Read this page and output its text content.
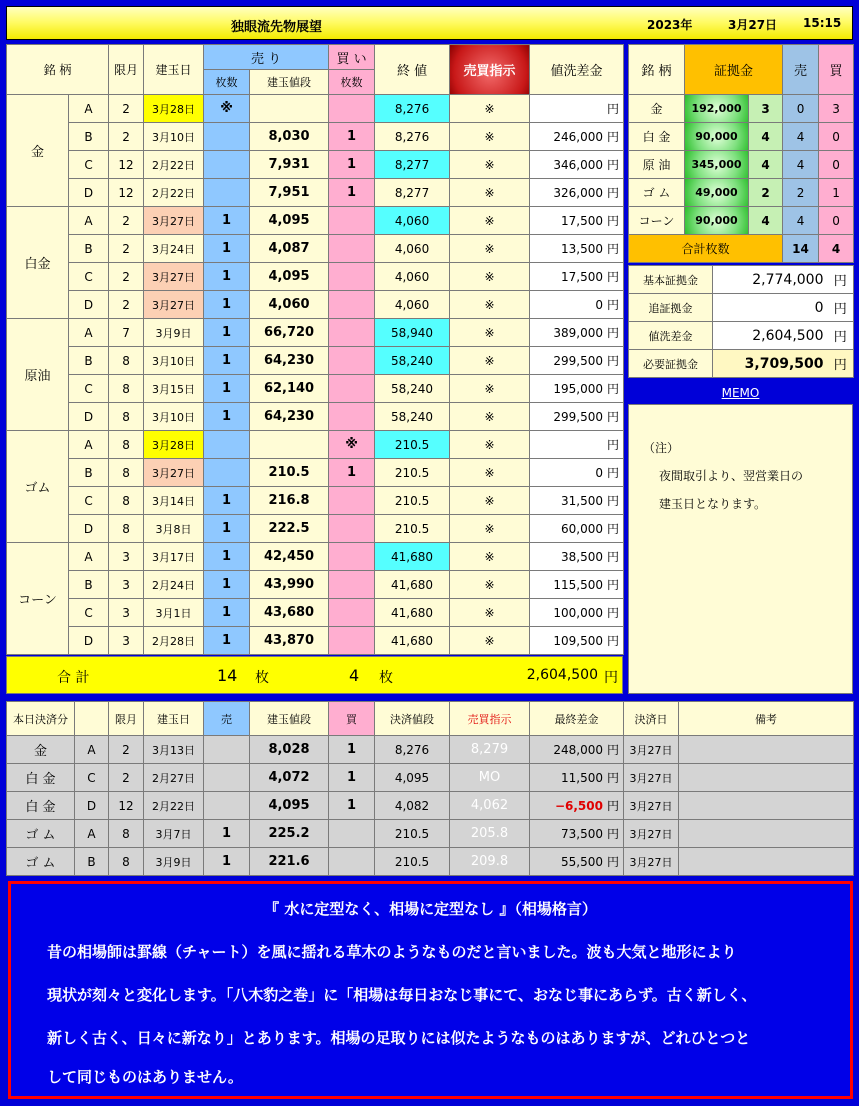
独眼流先物展望	2023年	3月27日 15:15
銘 柄		限月	建玉日	売 り		買 い	終 値	売買指示	値洗差金
				枚数	建玉値段	枚数			
金	A	2	3月28日	※			8,276	※	円
	B	2	3月10日		8,030	1	8,276	※	246,000 円
	C	12	2月22日		7,931	1	8,277	※	346,000 円
	D	12	2月22日		7,951	1	8,277	※	326,000 円
白金	A	2	3月27日	1	4,095		4,060	※	17,500 円
	B	2	3月24日	1	4,087		4,060	※	13,500 円
	C	2	3月27日	1	4,095		4,060	※	17,500 円
	D	2	3月27日	1	4,060		4,060	※	0 円
原油	A	7	3月9日	1	66,720		58,940	※	389,000 円
	B	8	3月10日	1	64,230		58,240	※	299,500 円
	C	8	3月15日	1	62,140		58,240	※	195,000 円
	D	8	3月10日	1	64,230		58,240	※	299,500 円
ゴム	A	8	3月28日			※	210.5	※	円
	B	8	3月27日		210.5	1	210.5	※	0 円
	C	8	3月14日	1	216.8		210.5	※	31,500 円
	D	8	3月8日	1	222.5		210.5	※	60,000 円
コーン	A	3	3月17日	1	42,450		41,680	※	38,500 円
	B	3	2月24日	1	43,990		41,680	※	115,500 円
	C	3	3月1日	1	43,680		41,680	※	100,000 円
	D	3	2月28日	1	43,870		41,680	※	109,500 円
合 計	14 枚	4 枚	2,604,500 円
銘 柄	証拠金		売	買
金	192,000	3	0	3
白 金	90,000	4	4	0
原 油	345,000	4	4	0
ゴ ム	49,000	2	2	1
コーン	90,000	4	4	0
合計枚数			14	4
基本証拠金	2,774,000	円
追証拠金	0	円
値洗差金	2,604,500	円
必要証拠金	3,709,500	円
MEMO
（注）
夜間取引より、翌営業日の
建玉日となります。
本日決済分		限月	建玉日	売	建玉値段	買	決済値段	売買指示	最終差金	決済日	備考
金	A	2	3月13日		8,028	1	8,276	8,279	248,000 円	3月27日	
白 金	C	2	2月27日		4,072	1	4,095	MO	11,500 円	3月27日	
白 金	D	12	2月22日		4,095	1	4,082	4,062	−6,500 円	3月27日	
ゴ ム	A	8	3月7日	1	225.2		210.5	205.8	73,500 円	3月27日	
ゴ ム	B	8	3月9日	1	221.6		210.5	209.8	55,500 円	3月27日	
『 水に定型なく、相場に定型なし 』（相場格言）
昔の相場師は罫線（チャート）を風に揺れる草木のようなものだと言いました。波も大気と地形により
現状が刻々と変化します。「八木豹之巻」に「相場は毎日おなじ事にて、おなじ事にあらず。古く新しく、
新しく古く、日々に新なり」とあります。相場の足取りには似たようなものはありますが、どれひとつと
して同じものはありません。
